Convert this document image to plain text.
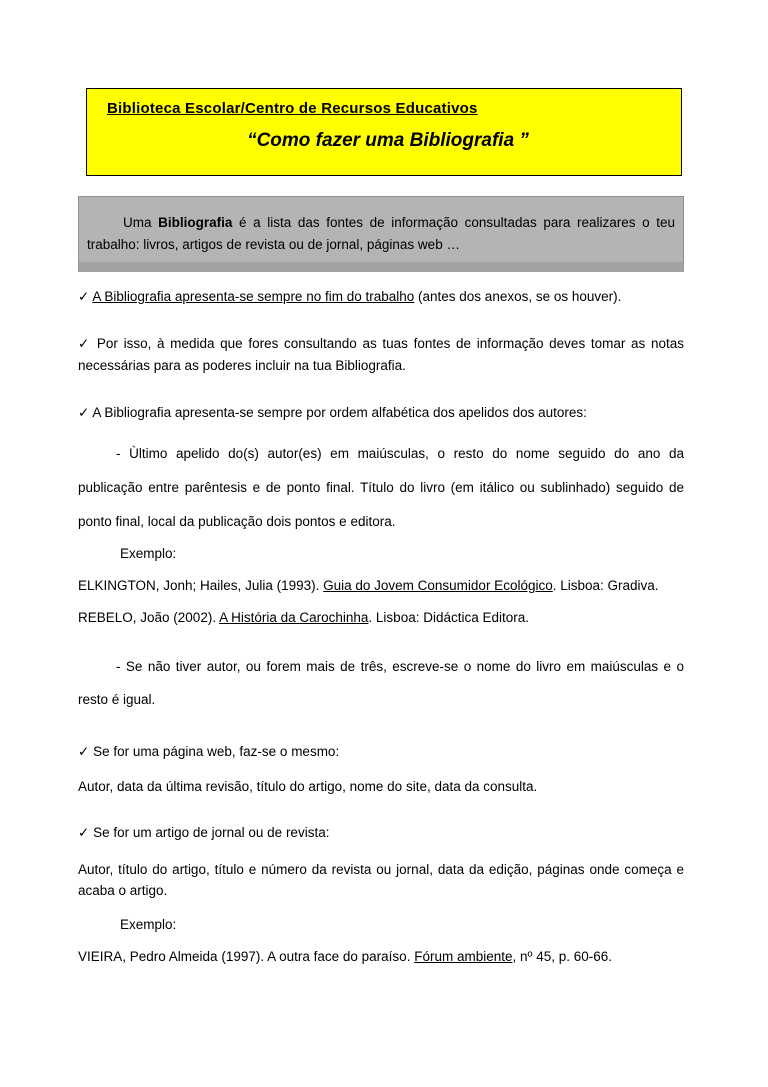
Biblioteca Escolar/Centro de Recursos Educativos
“Como fazer uma Bibliografia ”

Uma Bibliografia é a lista das fontes de informação consultadas para realizares o teu trabalho: livros, artigos de revista ou de jornal, páginas web …

✓ A Bibliografia apresenta-se sempre no fim do trabalho (antes dos anexos, se os houver).

✓ Por isso, à medida que fores consultando as tuas fontes de informação deves tomar as notas necessárias para as poderes incluir na tua Bibliografia.

✓ A Bibliografia apresenta-se sempre por ordem alfabética dos apelidos dos autores:

- Ùltimo apelido do(s) autor(es) em maiúsculas, o resto do nome seguido do ano da publicação entre parêntesis e de ponto final. Título do livro (em itálico ou sublinhado) seguido de ponto final, local da publicação dois pontos e editora.

Exemplo:

ELKINGTON, Jonh; Hailes, Julia (1993). Guia do Jovem Consumidor Ecológico. Lisboa: Gradiva.

REBELO, João (2002). A História da Carochinha. Lisboa: Didáctica Editora.

- Se não tiver autor, ou forem mais de três, escreve-se o nome do livro em maiúsculas e o resto é igual.

✓ Se for uma página web, faz-se o mesmo:

Autor, data da última revisão, título do artigo, nome do site, data da consulta.

✓ Se for um artigo de jornal ou de revista:

Autor, título do artigo, título e número da revista ou jornal, data da edição, páginas onde começa e acaba o artigo.

Exemplo:

VIEIRA, Pedro Almeida (1997). A outra face do paraíso. Fórum ambiente, nº 45, p. 60-66.
